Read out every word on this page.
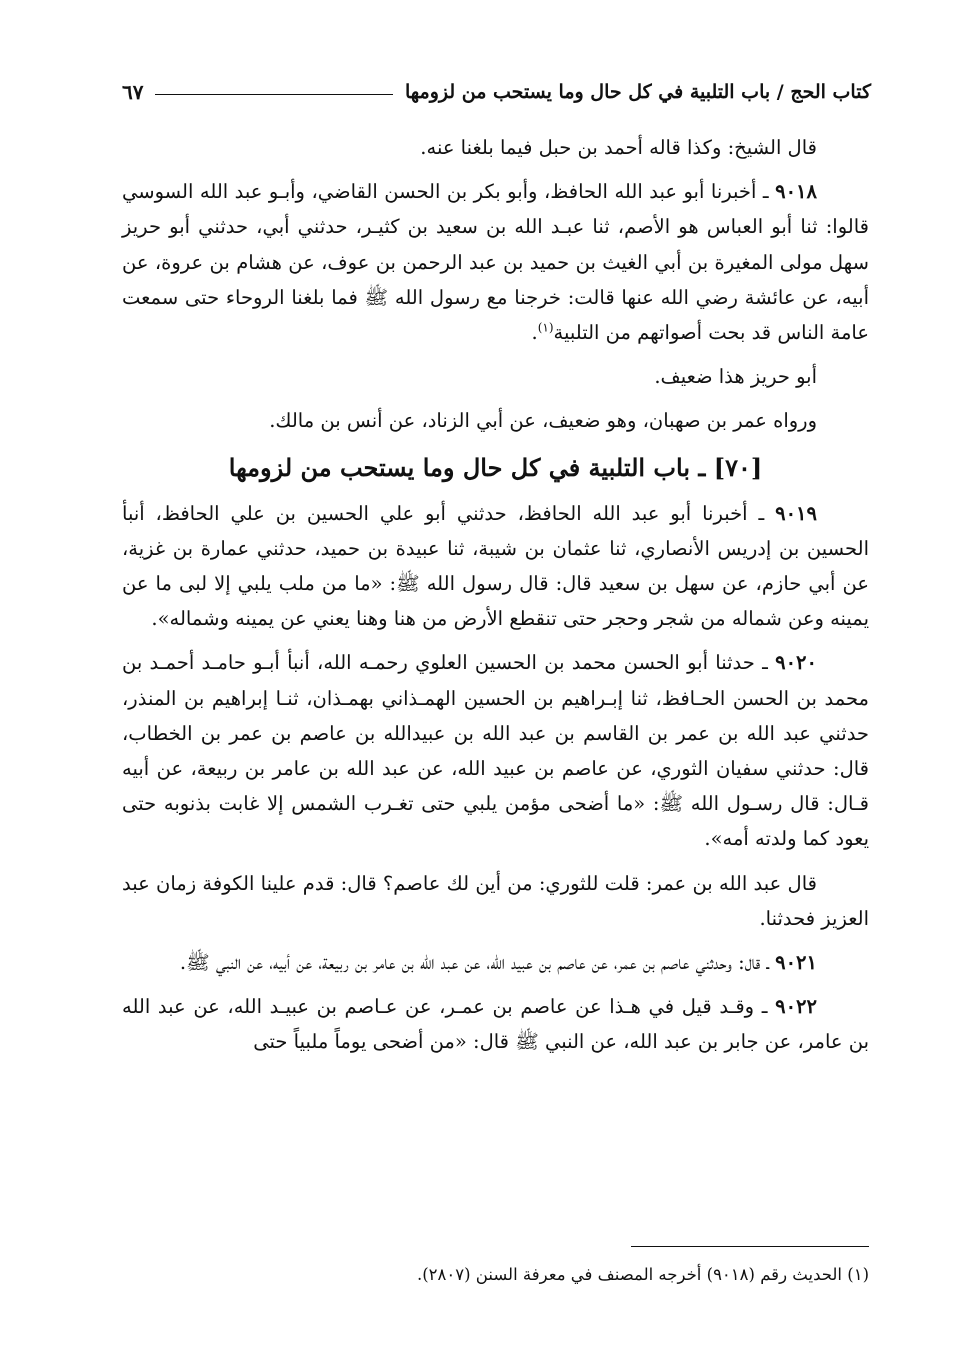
كتاب الحج / باب التلبية في كل حال وما يستحب من لزومها
٦٧

قال الشيخ: وكذا قاله أحمد بن حبل فيما بلغنا عنه.

٩٠١٨ ـ أخبرنا أبو عبد الله الحافظ، وأبو بكر بن الحسن القاضي، وأبـو عبد الله السوسي قالوا: ثنا أبو العباس هو الأصم، ثنا عبـد الله بن سعيد بن كثيـر، حدثني أبي، حدثني أبو حريز سهل مولى المغيرة بن أبي الغيث بن حميد بن عبد الرحمن بن عوف، عن هشام بن عروة، عن أبيه، عن عائشة رضي الله عنها قالت: خرجنا مع رسول الله ﷺ فما بلغنا الروحاء حتى سمعت عامة الناس قد بحت أصواتهم من التلبية$^{(١)}$.

أبو حريز هذا ضعيف.

ورواه عمر بن صهبان، وهو ضعيف، عن أبي الزناد، عن أنس بن مالك.

[٧٠] ـ باب التلبية في كل حال وما يستحب من لزومها

٩٠١٩ ـ أخبرنا أبو عبد الله الحافظ، حدثني أبو علي الحسين بن علي الحافظ، أنبأ الحسين بن إدريس الأنصاري، ثنا عثمان بن شيبة، ثنا عبيدة بن حميد، حدثني عمارة بن غزية، عن أبي حازم، عن سهل بن سعيد قال: قال رسول الله ﷺ: «ما من ملب يلبي إلا لبى ما عن يمينه وعن شماله من شجر وحجر حتى تنقطع الأرض من هنا وهنا يعني عن يمينه وشماله».

٩٠٢٠ ـ حدثنا أبو الحسن محمد بن الحسين العلوي رحمـه الله، أنبأ أبـو حامـد أحمـد بن محمد بن الحسن الحـافظ، ثنا إبـراهيم بن الحسين الهمـذاني بهمـذان، ثنـا إبراهيم بن المنذر، حدثني عبد الله بن عمر بن القاسم بن عبد الله بن عبيدالله بن عاصم بن عمر بن الخطاب، قال: حدثني سفيان الثوري، عن عاصم بن عبيد الله، عن عبد الله بن عامر بن ربيعة، عن أبيه قـال: قال رسـول الله ﷺ: «ما أضحى مؤمن يلبي حتى تغـرب الشمس إلا غابت بذنوبه حتى يعود كما ولدته أمه».

قال عبد الله بن عمر: قلت للثوري: من أين لك عاصم؟ قال: قدم علينا الكوفة زمان عبد العزيز فحدثنا.

٩٠٢١ ـ قال: وحدثني عاصم بن عمر، عن عاصم بن عبيد الله، عن عبد الله بن عامر بن ربيعة، عن أبيه، عن النبي ﷺ.

٩٠٢٢ ـ وقـد قيل في هـذا عن عاصم بن عمـر، عن عـاصم بن عبيـد الله، عن عبد الله بن عامر، عن جابر بن عبد الله، عن النبي ﷺ قال: «من أضحى يوماً ملبياً حتى

(١) الحديث رقم (٩٠١٨) أخرجه المصنف في معرفة السنن (٢٨٠٧).
